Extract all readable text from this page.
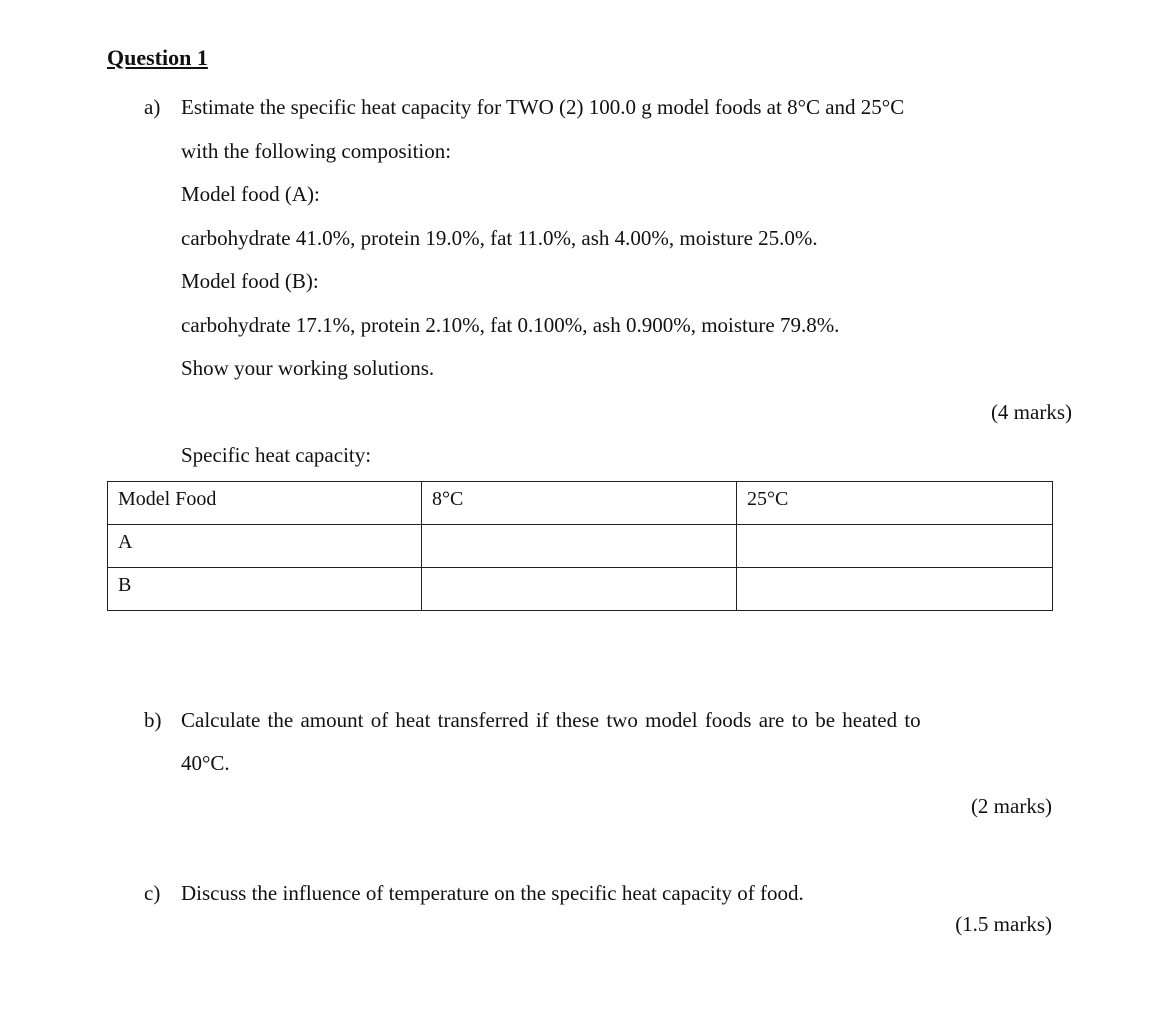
Question 1
a) Estimate the specific heat capacity for TWO (2) 100.0 g model foods at 8°C and 25°C
with the following composition:
Model food (A):
carbohydrate 41.0%, protein 19.0%, fat 11.0%, ash 4.00%, moisture 25.0%.
Model food (B):
carbohydrate 17.1%, protein 2.10%, fat 0.100%, ash 0.900%, moisture 79.8%.
Show your working solutions.
(4 marks)
Specific heat capacity:
Model Food	8°C	25°C
A		
B		
b) Calculate the amount of heat transferred if these two model foods are to be heated to
40°C.
(2 marks)
c) Discuss the influence of temperature on the specific heat capacity of food.
(1.5 marks)
